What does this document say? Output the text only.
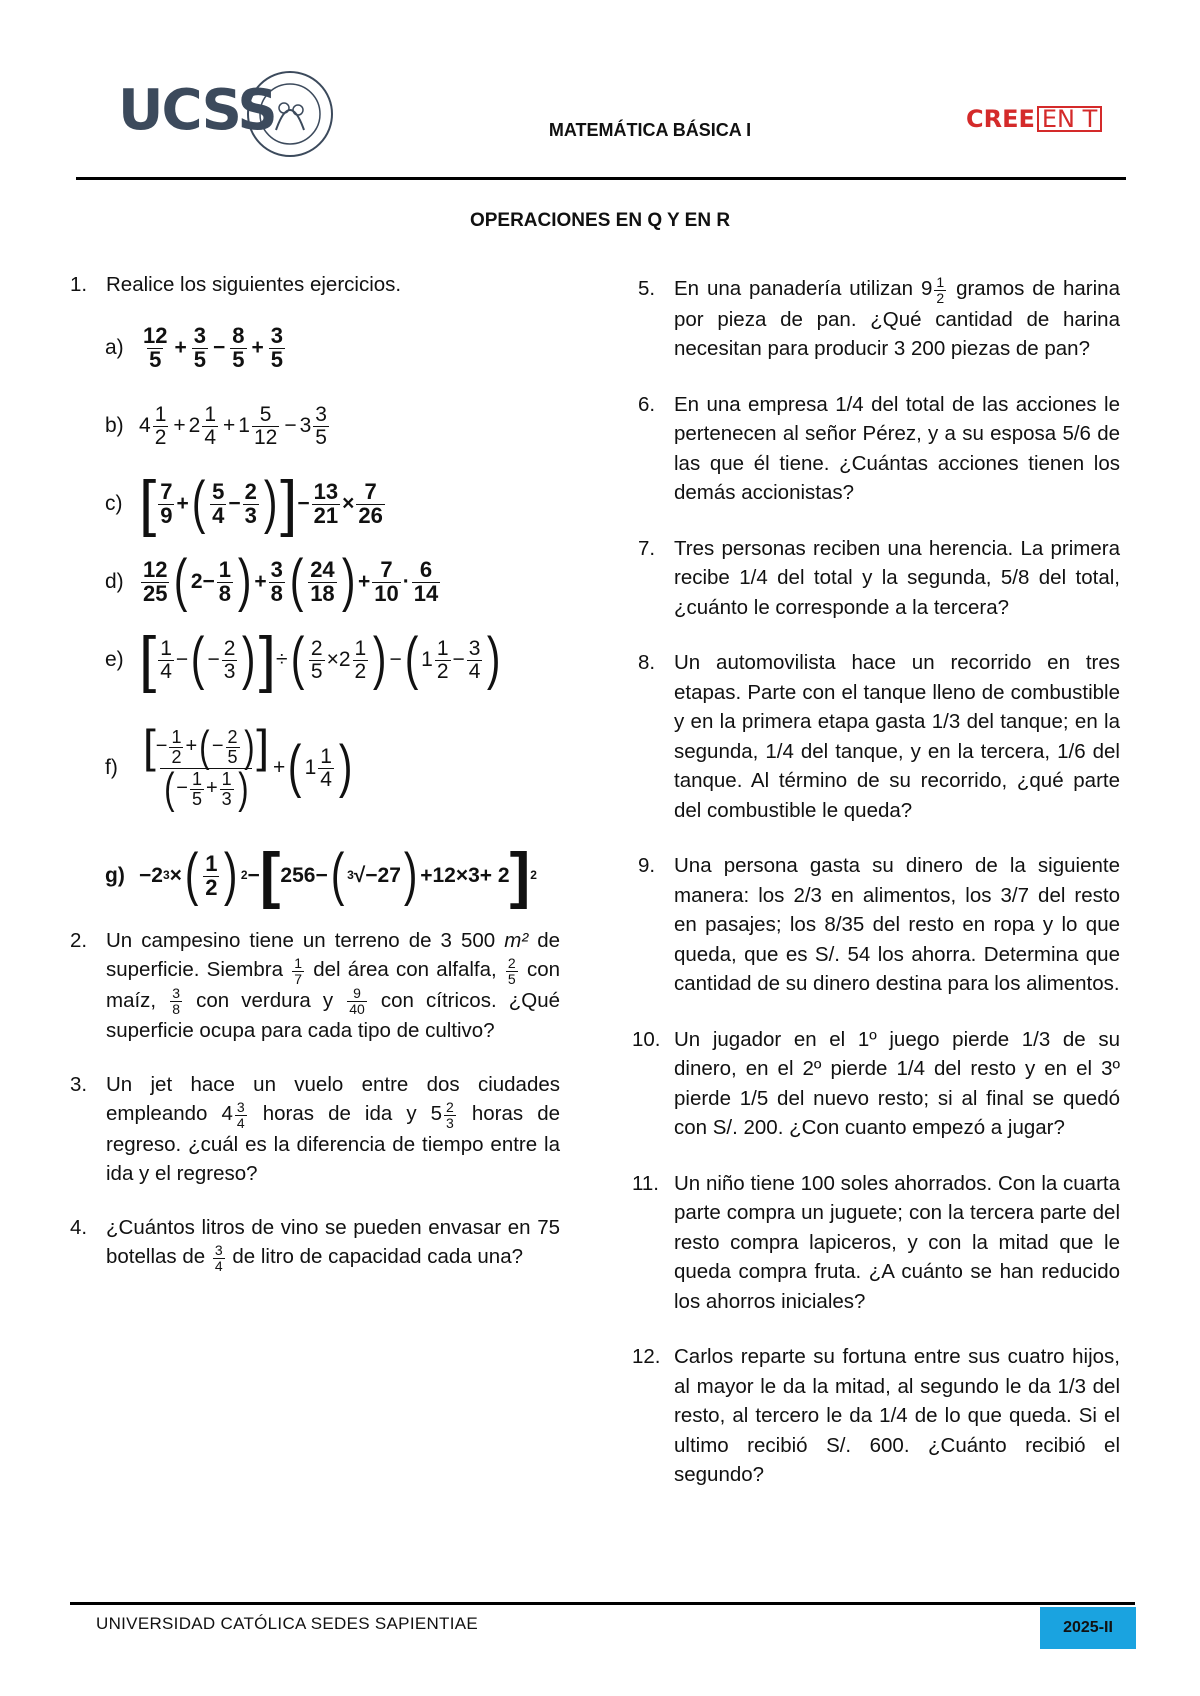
UCSS	MATEMÁTICA BÁSICA I	CREE EN T
OPERACIONES EN Q Y EN R
1. Realice los siguientes ejercicios.
a) 12
$5 + \frac{3}{5} - \frac{8}{5} + \frac{3}{5}$
b) 4 1
2
+ $2 \frac{1}{4} + 1 \frac{5}{12} - 3 \frac{3}{5}$
c) [ 7
9 + ( 5
$4 - \frac{2}{3}$ ) ] − $\frac{13}{21} \times \frac{7}{26}$
d) 12
25 ( $2- \frac{1}{8}$ ) + $\frac{3}{8}$ ( 24
18 ) + $\frac{7}{10} \cdot 6$
14
e) [ 1
4
− ( − 2
3 ) ] ÷ ( 2
5
×2 1
2 ) − ( 1 1
2
− 3
4 )
f) [− $\frac{1}{2}$ +( − $\frac{2}{5}$ )]
( − $\frac{1}{5} + \frac{1}{3}$ ) + ( 1 1
4 )
g) −2 3 × ( 1
2 ) 2 − [ 256− ( 3 √−27 ) +12×3+ 2 ] 2
2. Un campesino tiene un terreno de 3 500 m² de superficie. Siembra $\frac{1}{7}$ del área con alfalfa, $\frac{2}{5}$ con maíz, $\frac{3}{8}$ con verdura y $\frac{9}{40}$ con cítricos. ¿Qué superficie ocupa para cada tipo de cultivo?
3. Un jet hace un vuelo entre dos ciudades empleando $4 \frac{3}{4}$ horas de ida y $5 \frac{2}{3}$ horas de regreso. ¿cuál es la diferencia de tiempo entre la ida y el regreso?
4. ¿Cuántos litros de vino se pueden envasar en 75 botellas de $\frac{3}{4}$ de litro de capacidad cada una?
5. En una panadería utilizan $9 \frac{1}{2}$ gramos de harina por pieza de pan. ¿Qué cantidad de harina necesitan para producir 3 200 piezas de pan?
6. En una empresa 1/4 del total de las acciones le pertenecen al señor Pérez, y a su esposa 5/6 de las que él tiene. ¿Cuántas acciones tienen los demás accionistas?
7. Tres personas reciben una herencia. La primera recibe 1/4 del total y la segunda, 5/8 del total, ¿cuánto le corresponde a la tercera?
8. Un automovilista hace un recorrido en tres etapas. Parte con el tanque lleno de combustible y en la primera etapa gasta 1/3 del tanque; en la segunda, 1/4 del tanque, y en la tercera, 1/6 del tanque. Al término de su recorrido, ¿qué parte del combustible le queda?
9. Una persona gasta su dinero de la siguiente manera: los 2/3 en alimentos, los 3/7 del resto en pasajes; los 8/35 del resto en ropa y lo que queda, que es S/. 54 los ahorra. Determina que cantidad de su dinero destina para los alimentos.
10. Un jugador en el 1º juego pierde 1/3 de su dinero, en el 2º pierde 1/4 del resto y en el 3º pierde 1/5 del nuevo resto; si al final se quedó con S/. 200. ¿Con cuanto empezó a jugar?
11. Un niño tiene 100 soles ahorrados. Con la cuarta parte compra un juguete; con la tercera parte del resto compra lapiceros, y con la mitad que le queda compra fruta. ¿A cuánto se han reducido los ahorros iniciales?
12. Carlos reparte su fortuna entre sus cuatro hijos, al mayor le da la mitad, al segundo le da 1/3 del resto, al tercero le da 1/4 de lo que queda. Si el ultimo recibió S/. 600. ¿Cuánto recibió el segundo?
UNIVERSIDAD CATÓLICA SEDES SAPIENTIAE	2025-II
